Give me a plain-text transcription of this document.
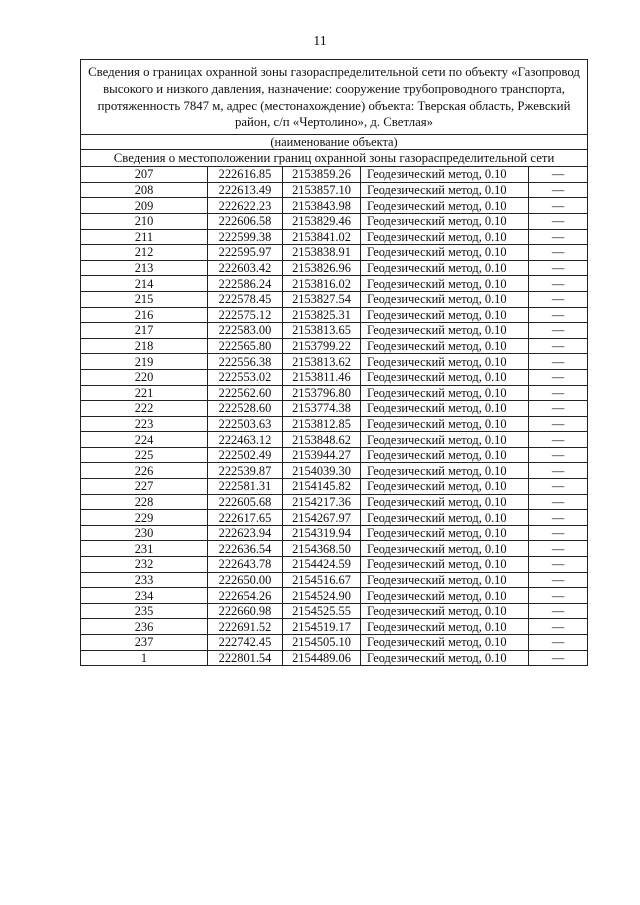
11
Сведения о границах охранной зоны газораспределительной сети по объекту «Газопровод высокого и низкого давления, назначение: сооружение трубопроводного транспорта, протяженность 7847 м, адрес (местонахождение) объекта: Тверская область, Ржевский район, с/п «Чертолино», д. Светлая»				
(наименование объекта)				
Сведения о местоположении границ охранной зоны газораспределительной сети				
207	222616.85	2153859.26	Геодезический метод, 0.10	—
208	222613.49	2153857.10	Геодезический метод, 0.10	—
209	222622.23	2153843.98	Геодезический метод, 0.10	—
210	222606.58	2153829.46	Геодезический метод, 0.10	—
211	222599.38	2153841.02	Геодезический метод, 0.10	—
212	222595.97	2153838.91	Геодезический метод, 0.10	—
213	222603.42	2153826.96	Геодезический метод, 0.10	—
214	222586.24	2153816.02	Геодезический метод, 0.10	—
215	222578.45	2153827.54	Геодезический метод, 0.10	—
216	222575.12	2153825.31	Геодезический метод, 0.10	—
217	222583.00	2153813.65	Геодезический метод, 0.10	—
218	222565.80	2153799.22	Геодезический метод, 0.10	—
219	222556.38	2153813.62	Геодезический метод, 0.10	—
220	222553.02	2153811.46	Геодезический метод, 0.10	—
221	222562.60	2153796.80	Геодезический метод, 0.10	—
222	222528.60	2153774.38	Геодезический метод, 0.10	—
223	222503.63	2153812.85	Геодезический метод, 0.10	—
224	222463.12	2153848.62	Геодезический метод, 0.10	—
225	222502.49	2153944.27	Геодезический метод, 0.10	—
226	222539.87	2154039.30	Геодезический метод, 0.10	—
227	222581.31	2154145.82	Геодезический метод, 0.10	—
228	222605.68	2154217.36	Геодезический метод, 0.10	—
229	222617.65	2154267.97	Геодезический метод, 0.10	—
230	222623.94	2154319.94	Геодезический метод, 0.10	—
231	222636.54	2154368.50	Геодезический метод, 0.10	—
232	222643.78	2154424.59	Геодезический метод, 0.10	—
233	222650.00	2154516.67	Геодезический метод, 0.10	—
234	222654.26	2154524.90	Геодезический метод, 0.10	—
235	222660.98	2154525.55	Геодезический метод, 0.10	—
236	222691.52	2154519.17	Геодезический метод, 0.10	—
237	222742.45	2154505.10	Геодезический метод, 0.10	—
1	222801.54	2154489.06	Геодезический метод, 0.10	—
